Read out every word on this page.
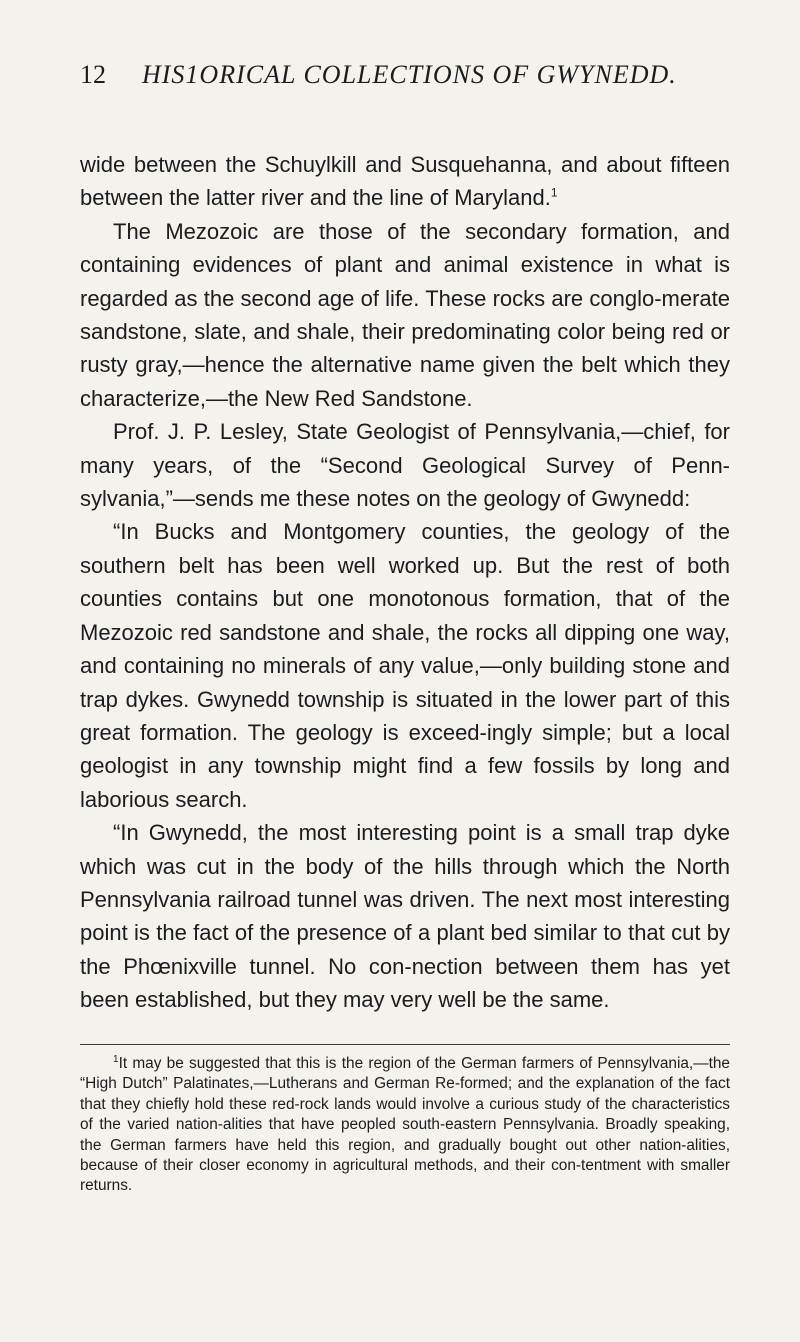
12 HIS1ORICAL COLLECTIONS OF GWYNEDD.

wide between the Schuylkill and Susquehanna, and about fifteen between the latter river and the line of Maryland.$^1$

The Mezozoic are those of the secondary formation, and containing evidences of plant and animal existence in what is regarded as the second age of life. These rocks are conglo-merate sandstone, slate, and shale, their predominating color being red or rusty gray,—hence the alternative name given the belt which they characterize,—the New Red Sandstone.

Prof. J. P. Lesley, State Geologist of Pennsylvania,—chief, for many years, of the “Second Geological Survey of Penn-sylvania,”—sends me these notes on the geology of Gwynedd:

“In Bucks and Montgomery counties, the geology of the southern belt has been well worked up. But the rest of both counties contains but one monotonous formation, that of the Mezozoic red sandstone and shale, the rocks all dipping one way, and containing no minerals of any value,—only building stone and trap dykes. Gwynedd township is situated in the lower part of this great formation. The geology is exceed-ingly simple; but a local geologist in any township might find a few fossils by long and laborious search.

“In Gwynedd, the most interesting point is a small trap dyke which was cut in the body of the hills through which the North Pennsylvania railroad tunnel was driven. The next most interesting point is the fact of the presence of a plant bed similar to that cut by the Phœnixville tunnel. No con-nection between them has yet been established, but they may very well be the same.

$^1$It may be suggested that this is the region of the German farmers of Pennsylvania,—the “High Dutch” Palatinates,—Lutherans and German Re-formed; and the explanation of the fact that they chiefly hold these red-rock lands would involve a curious study of the characteristics of the varied nation-alities that have peopled south-eastern Pennsylvania. Broadly speaking, the German farmers have held this region, and gradually bought out other nation-alities, because of their closer economy in agricultural methods, and their con-tentment with smaller returns.
